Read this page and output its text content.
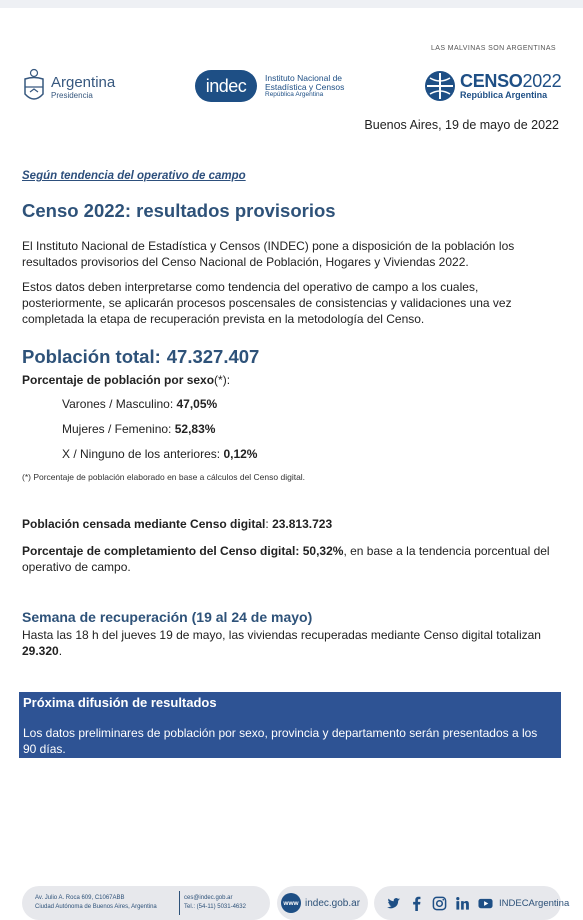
LAS MALVINAS SON ARGENTINAS
Argentina
Presidencia	indec	Instituto Nacional de
Estadística y Censos
República Argentina
CENSO2022
República Argentina
Buenos Aires, 19 de mayo de 2022
Según tendencia del operativo de campo
Censo 2022: resultados provisorios
El Instituto Nacional de Estadística y Censos (INDEC) pone a disposición de la población los resultados provisorios del Censo Nacional de Población, Hogares y Viviendas 2022.
Estos datos deben interpretarse como tendencia del operativo de campo a los cuales, posteriormente, se aplicarán procesos poscensales de consistencias y validaciones una vez completada la etapa de recuperación prevista en la metodología del Censo.
Población total: 47.327.407
Porcentaje de población por sexo(*):
Varones / Masculino: 47,05%
Mujeres / Femenino: 52,83%
X / Ninguno de los anteriores: 0,12%
(*) Porcentaje de población elaborado en base a cálculos del Censo digital.
Población censada mediante Censo digital: 23.813.723
Porcentaje de completamiento del Censo digital: 50,32%, en base a la tendencia porcentual del operativo de campo.
Semana de recuperación (19 al 24 de mayo)
Hasta las 18 h del jueves 19 de mayo, las viviendas recuperadas mediante Censo digital totalizan 29.320.
Próxima difusión de resultados
Los datos preliminares de población por sexo, provincia y departamento serán presentados a los 90 días.
Av. Julio A. Roca 609, C1067ABB
Ciudad Autónoma de Buenos Aires, Argentina
ces@indec.gob.ar
Tel.: (54-11) 5031-4632
www indec.gob.ar	INDECArgentina
